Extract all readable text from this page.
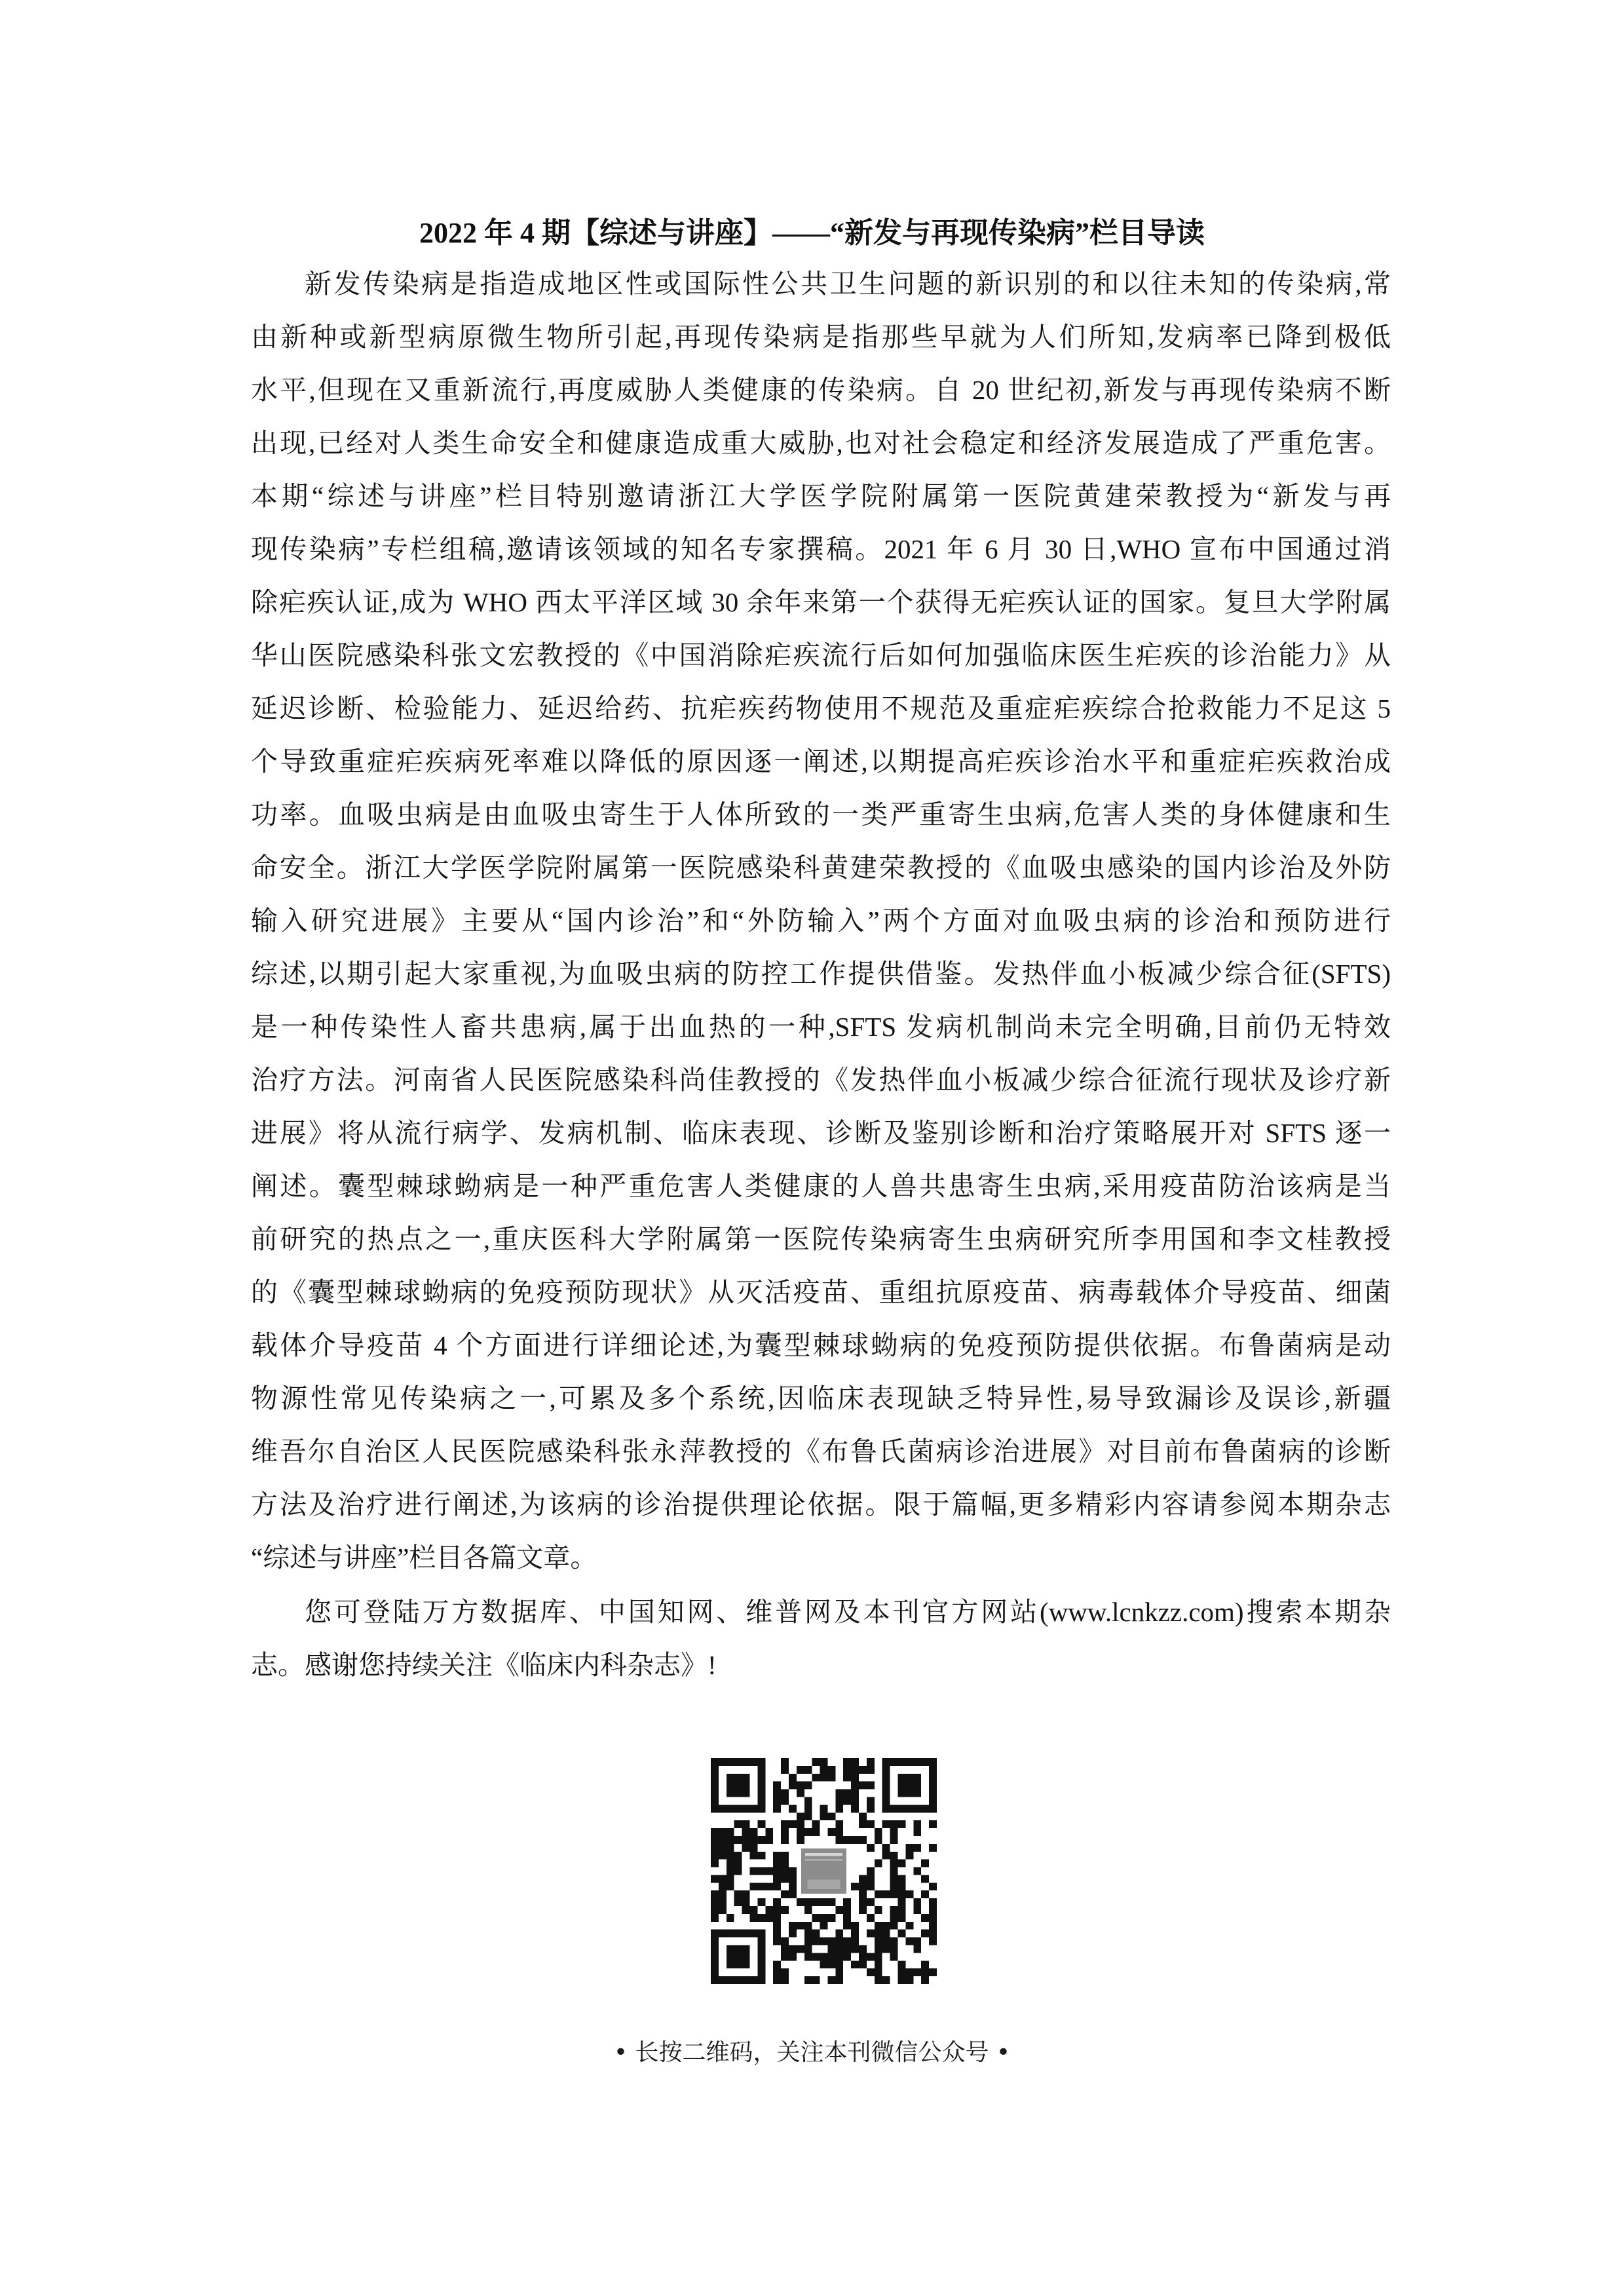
2022 年 4 期【综述与讲座】——“新发与再现传染病”栏目导读
新发传染病是指造成地区性或国际性公共卫生问题的新识别的和以往未知的传染病,常
由新种或新型病原微生物所引起,再现传染病是指那些早就为人们所知,发病率已降到极低
水平,但现在又重新流行,再度威胁人类健康的传染病。自 20 世纪初,新发与再现传染病不断
出现,已经对人类生命安全和健康造成重大威胁,也对社会稳定和经济发展造成了严重危害。
本期“综述与讲座”栏目特别邀请浙江大学医学院附属第一医院黄建荣教授为“新发与再
现传染病”专栏组稿,邀请该领域的知名专家撰稿。2021 年 6 月 30 日,WHO 宣布中国通过消
除疟疾认证,成为 WHO 西太平洋区域 30 余年来第一个获得无疟疾认证的国家。复旦大学附属
华山医院感染科张文宏教授的《中国消除疟疾流行后如何加强临床医生疟疾的诊治能力》从
延迟诊断、检验能力、延迟给药、抗疟疾药物使用不规范及重症疟疾综合抢救能力不足这 5
个导致重症疟疾病死率难以降低的原因逐一阐述,以期提高疟疾诊治水平和重症疟疾救治成
功率。血吸虫病是由血吸虫寄生于人体所致的一类严重寄生虫病,危害人类的身体健康和生
命安全。浙江大学医学院附属第一医院感染科黄建荣教授的《血吸虫感染的国内诊治及外防
输入研究进展》主要从“国内诊治”和“外防输入”两个方面对血吸虫病的诊治和预防进行
综述,以期引起大家重视,为血吸虫病的防控工作提供借鉴。发热伴血小板减少综合征(SFTS)
是一种传染性人畜共患病,属于出血热的一种,SFTS 发病机制尚未完全明确,目前仍无特效
治疗方法。河南省人民医院感染科尚佳教授的《发热伴血小板减少综合征流行现状及诊疗新
进展》将从流行病学、发病机制、临床表现、诊断及鉴别诊断和治疗策略展开对 SFTS 逐一
阐述。囊型棘球蚴病是一种严重危害人类健康的人兽共患寄生虫病,采用疫苗防治该病是当
前研究的热点之一,重庆医科大学附属第一医院传染病寄生虫病研究所李用国和李文桂教授
的《囊型棘球蚴病的免疫预防现状》从灭活疫苗、重组抗原疫苗、病毒载体介导疫苗、细菌
载体介导疫苗 4 个方面进行详细论述,为囊型棘球蚴病的免疫预防提供依据。布鲁菌病是动
物源性常见传染病之一,可累及多个系统,因临床表现缺乏特异性,易导致漏诊及误诊,新疆
维吾尔自治区人民医院感染科张永萍教授的《布鲁氏菌病诊治进展》对目前布鲁菌病的诊断
方法及治疗进行阐述,为该病的诊治提供理论依据。限于篇幅,更多精彩内容请参阅本期杂志
“综述与讲座”栏目各篇文章。
您可登陆万方数据库、中国知网、维普网及本刊官方网站(www.lcnkzz.com)搜索本期杂
志。感谢您持续关注《临床内科杂志》!
• 长按二维码，关注本刊微信公众号 •
